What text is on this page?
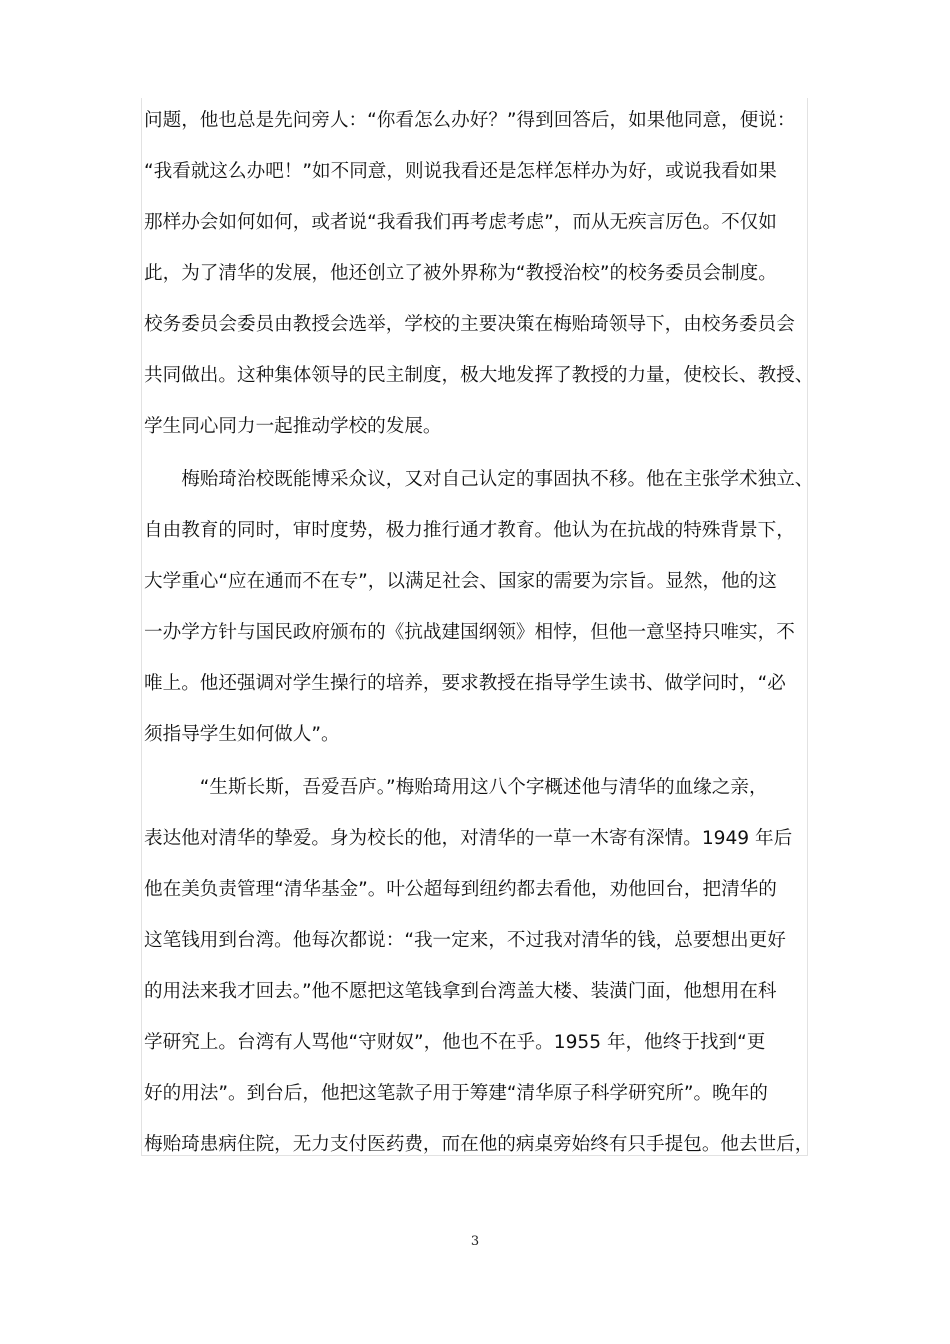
问题，他也总是先问旁人：“你看怎么办好？”得到回答后，如果他同意，便说：
“我看就这么办吧！”如不同意，则说我看还是怎样怎样办为好，或说我看如果
那样办会如何如何，或者说“我看我们再考虑考虑”，而从无疾言厉色。不仅如
此，为了清华的发展，他还创立了被外界称为“教授治校”的校务委员会制度。
校务委员会委员由教授会选举，学校的主要决策在梅贻琦领导下，由校务委员会
共同做出。这种集体领导的民主制度，极大地发挥了教授的力量，使校长、教授、
学生同心同力一起推动学校的发展。
　　梅贻琦治校既能博采众议，又对自己认定的事固执不移。他在主张学术独立、
自由教育的同时，审时度势，极力推行通才教育。他认为在抗战的特殊背景下，
大学重心“应在通而不在专”，以满足社会、国家的需要为宗旨。显然，他的这
一办学方针与国民政府颁布的《抗战建国纲领》相悖，但他一意坚持只唯实，不
唯上。他还强调对学生操行的培养，要求教授在指导学生读书、做学问时，“必
须指导学生如何做人”。
　　　“生斯长斯，吾爱吾庐。”梅贻琦用这八个字概述他与清华的血缘之亲，
表达他对清华的挚爱。身为校长的他，对清华的一草一木寄有深情。1949 年后
他在美负责管理“清华基金”。叶公超每到纽约都去看他，劝他回台，把清华的
这笔钱用到台湾。他每次都说：“我一定来，不过我对清华的钱，总要想出更好
的用法来我才回去。”他不愿把这笔钱拿到台湾盖大楼、装潢门面，他想用在科
学研究上。台湾有人骂他“守财奴”，他也不在乎。1955 年，他终于找到“更
好的用法”。到台后，他把这笔款子用于筹建“清华原子科学研究所”。晚年的
梅贻琦患病住院，无力支付医药费，而在他的病桌旁始终有只手提包。他去世后，
3
